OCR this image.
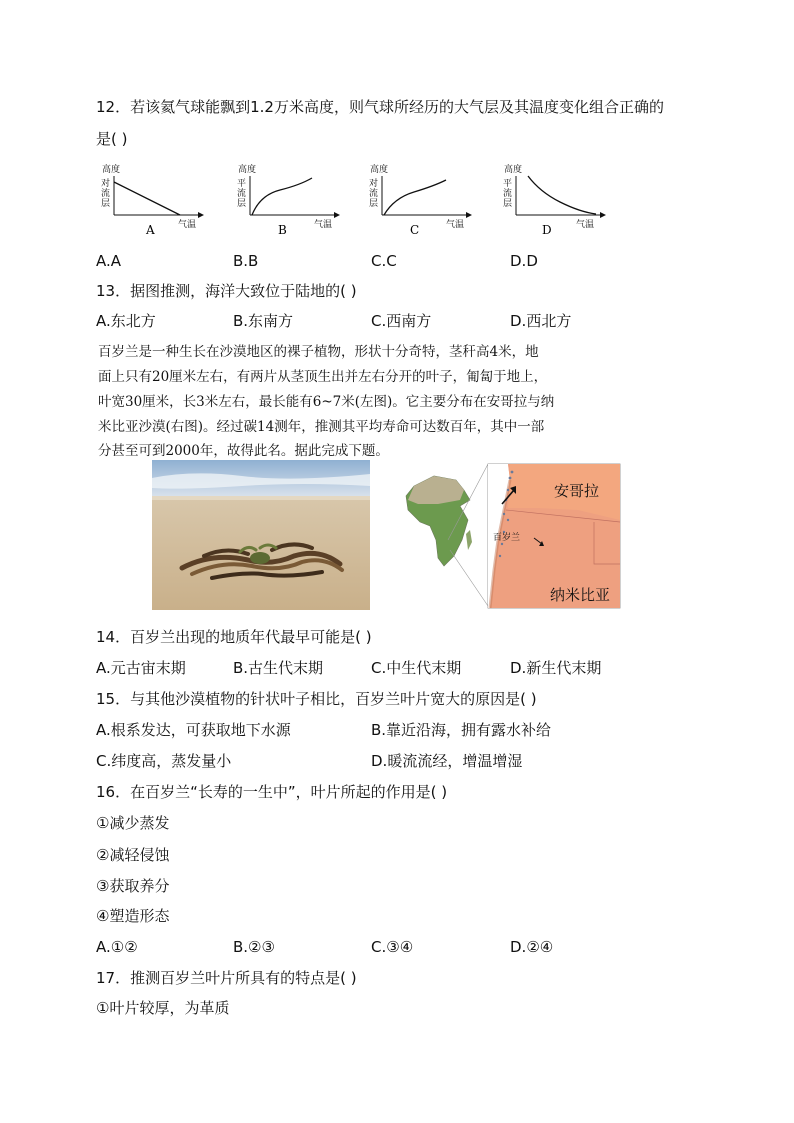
12．若该氦气球能飘到1.2万米高度，则气球所经历的大气层及其温度变化组合正确的
是( )
高度
对
流
层
气温
A
高度
平
流
层
气温
B
高度
对
流
层
气温
C
高度
平
流
层
气温
D
A.A	B.B	C.C	D.D
13．据图推测，海洋大致位于陆地的( )
A.东北方	B.东南方	C.西南方	D.西北方
百岁兰是一种生长在沙漠地区的裸子植物，形状十分奇特，茎秆高4米，地
面上只有20厘米左右，有两片从茎顶生出并左右分开的叶子，匍匐于地上，
叶宽30厘米，长3米左右，最长能有6~7米(左图)。它主要分布在安哥拉与纳
米比亚沙漠(右图)。经过碳14测年，推测其平均寿命可达数百年，其中一部
分甚至可到2000年，故得此名。据此完成下题。
安哥拉
纳米比亚
百岁兰
14．百岁兰出现的地质年代最早可能是( )
A.元古宙末期	B.古生代末期	C.中生代末期	D.新生代末期
15．与其他沙漠植物的针状叶子相比，百岁兰叶片宽大的原因是( )
A.根系发达，可获取地下水源	B.靠近沿海，拥有露水补给
C.纬度高，蒸发量小	D.暖流流经，增温增湿
16．在百岁兰“长寿的一生中”，叶片所起的作用是( )
①减少蒸发
②减轻侵蚀
③获取养分
④塑造形态
A.①②	B.②③	C.③④	D.②④
17．推测百岁兰叶片所具有的特点是( )
①叶片较厚，为革质
